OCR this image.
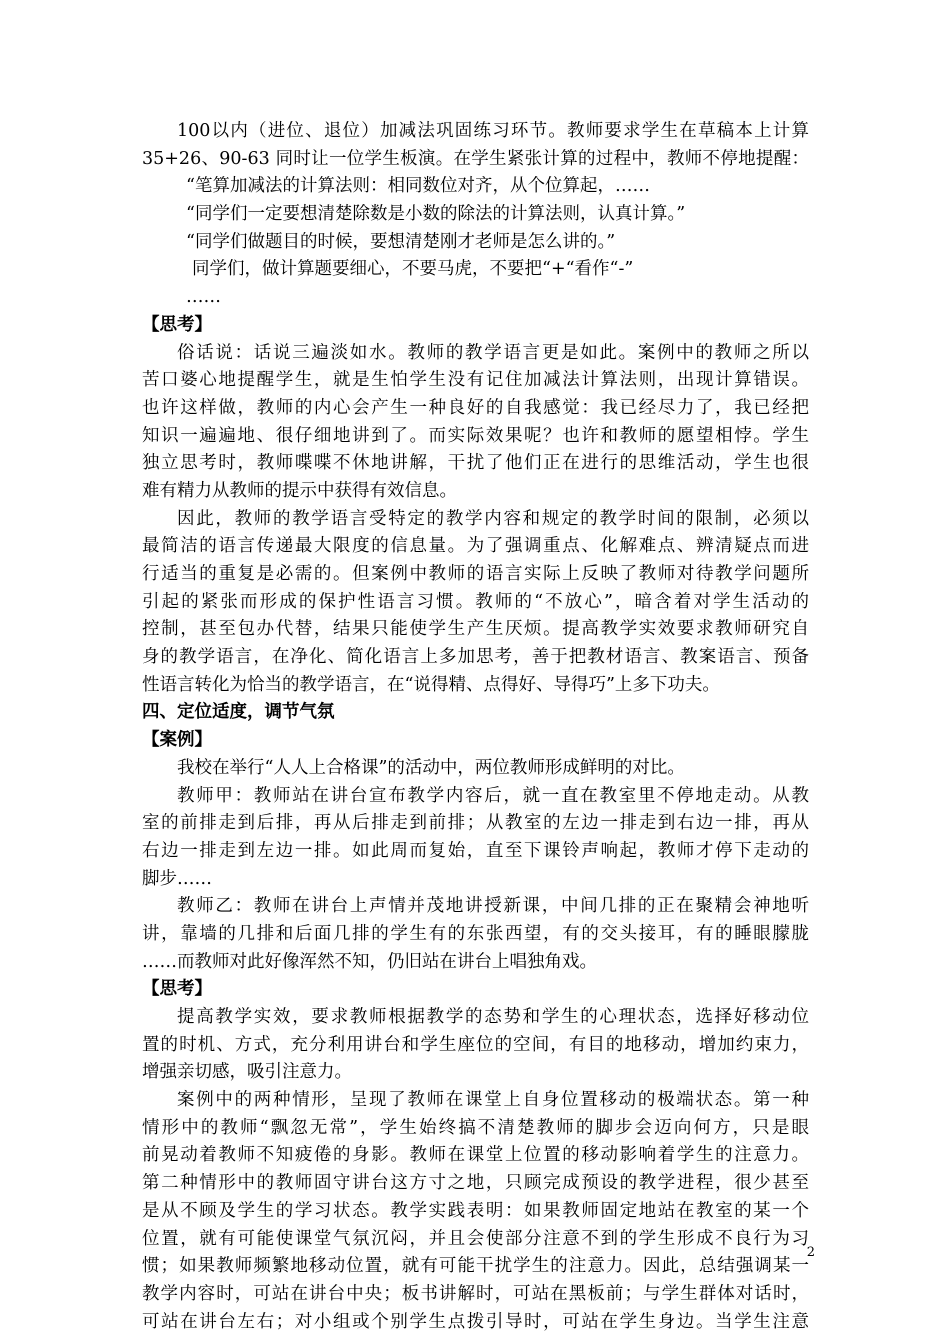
100以内（进位、退位）加减法巩固练习环节。教师要求学生在草稿本上计算
35+26、90-63 同时让一位学生板演。在学生紧张计算的过程中，教师不停地提醒：
“笔算加减法的计算法则：相同数位对齐，从个位算起，……
“同学们一定要想清楚除数是小数的除法的计算法则，认真计算。”
“同学们做题目的时候，要想清楚刚才老师是怎么讲的。”
同学们，做计算题要细心，不要马虎，不要把“+“看作“-”
……
【思考】
俗话说：话说三遍淡如水。教师的教学语言更是如此。案例中的教师之所以
苦口婆心地提醒学生，就是生怕学生没有记住加减法计算法则，出现计算错误。
也许这样做，教师的内心会产生一种良好的自我感觉：我已经尽力了，我已经把
知识一遍遍地、很仔细地讲到了。而实际效果呢？也许和教师的愿望相悖。学生
独立思考时，教师喋喋不休地讲解，干扰了他们正在进行的思维活动，学生也很
难有精力从教师的提示中获得有效信息。
因此，教师的教学语言受特定的教学内容和规定的教学时间的限制，必须以
最简洁的语言传递最大限度的信息量。为了强调重点、化解难点、辨清疑点而进
行适当的重复是必需的。但案例中教师的语言实际上反映了教师对待教学问题所
引起的紧张而形成的保护性语言习惯。教师的“不放心”，暗含着对学生活动的
控制，甚至包办代替，结果只能使学生产生厌烦。提高教学实效要求教师研究自
身的教学语言，在净化、简化语言上多加思考，善于把教材语言、教案语言、预备
性语言转化为恰当的教学语言，在“说得精、点得好、导得巧”上多下功夫。
四、定位适度，调节气氛
【案例】
我校在举行“人人上合格课”的活动中，两位教师形成鲜明的对比。
教师甲：教师站在讲台宣布教学内容后，就一直在教室里不停地走动。从教
室的前排走到后排，再从后排走到前排；从教室的左边一排走到右边一排，再从
右边一排走到左边一排。如此周而复始，直至下课铃声响起，教师才停下走动的
脚步……
教师乙：教师在讲台上声情并茂地讲授新课，中间几排的正在聚精会神地听
讲，靠墙的几排和后面几排的学生有的东张西望，有的交头接耳，有的睡眼朦胧
……而教师对此好像浑然不知，仍旧站在讲台上唱独角戏。
【思考】
提高教学实效，要求教师根据教学的态势和学生的心理状态，选择好移动位
置的时机、方式，充分利用讲台和学生座位的空间，有目的地移动，增加约束力，
增强亲切感，吸引注意力。
案例中的两种情形，呈现了教师在课堂上自身位置移动的极端状态。第一种
情形中的教师“飘忽无常”，学生始终搞不清楚教师的脚步会迈向何方，只是眼
前晃动着教师不知疲倦的身影。教师在课堂上位置的移动影响着学生的注意力。
第二种情形中的教师固守讲台这方寸之地，只顾完成预设的教学进程，很少甚至
是从不顾及学生的学习状态。教学实践表明：如果教师固定地站在教室的某一个
位置，就有可能使课堂气氛沉闷，并且会使部分注意不到的学生形成不良行为习
惯；如果教师频繁地移动位置，就有可能干扰学生的注意力。因此，总结强调某一
教学内容时，可站在讲台中央；板书讲解时，可站在黑板前；与学生群体对话时，
可站在讲台左右；对小组或个别学生点拨引导时，可站在学生身边。当学生注意
2
